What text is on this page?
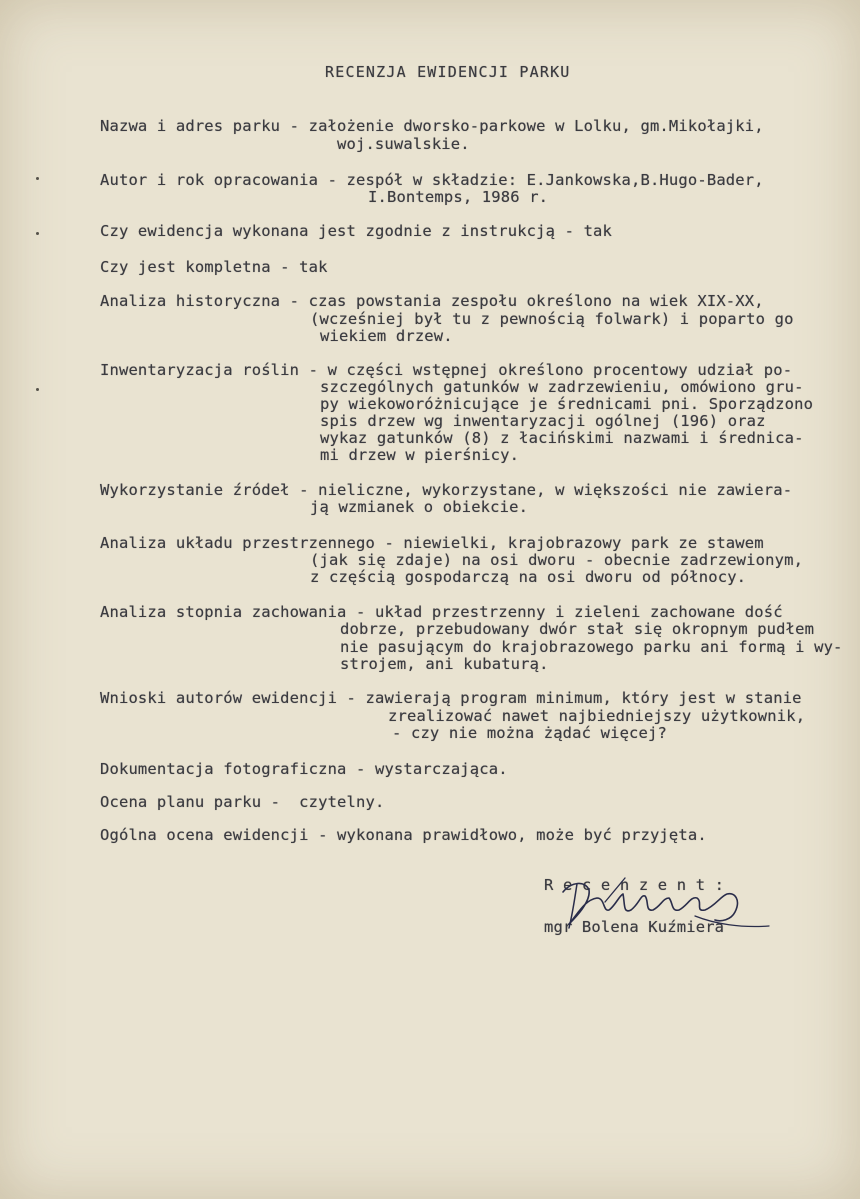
RECENZJA EWIDENCJI PARKU
Nazwa i adres parku - założenie dworsko-parkowe w Lolku, gm.Mikołajki,
woj.suwalskie.
Autor i rok opracowania - zespół w składzie: E.Jankowska,B.Hugo-Bader,
I.Bontemps, 1986 r.
Czy ewidencja wykonana jest zgodnie z instrukcją - tak
Czy jest kompletna - tak
Analiza historyczna - czas powstania zespołu określono na wiek XIX-XX,
(wcześniej był tu z pewnością folwark) i poparto go
wiekiem drzew.
Inwentaryzacja roślin - w części wstępnej określono procentowy udział po-
szczególnych gatunków w zadrzewieniu, omówiono gru-
py wiekoworóżnicujące je średnicami pni. Sporządzono
spis drzew wg inwentaryzacji ogólnej (196) oraz
wykaz gatunków (8) z łacińskimi nazwami i średnica-
mi drzew w pierśnicy.
Wykorzystanie źródeł - nieliczne, wykorzystane, w większości nie zawiera-
ją wzmianek o obiekcie.
Analiza układu przestrzennego - niewielki, krajobrazowy park ze stawem
(jak się zdaje) na osi dworu - obecnie zadrzewionym,
z częścią gospodarczą na osi dworu od północy.
Analiza stopnia zachowania - układ przestrzenny i zieleni zachowane dość
dobrze, przebudowany dwór stał się okropnym pudłem
nie pasującym do krajobrazowego parku ani formą i wy-
strojem, ani kubaturą.
Wnioski autorów ewidencji - zawierają program minimum, który jest w stanie
zrealizować nawet najbiedniejszy użytkownik,
- czy nie można żądać więcej?
Dokumentacja fotograficzna - wystarczająca.
Ocena planu parku -  czytelny.
Ogólna ocena ewidencji - wykonana prawidłowo, może być przyjęta.
R e c e n z e n t :
mgr Bolena Kuźmiera
